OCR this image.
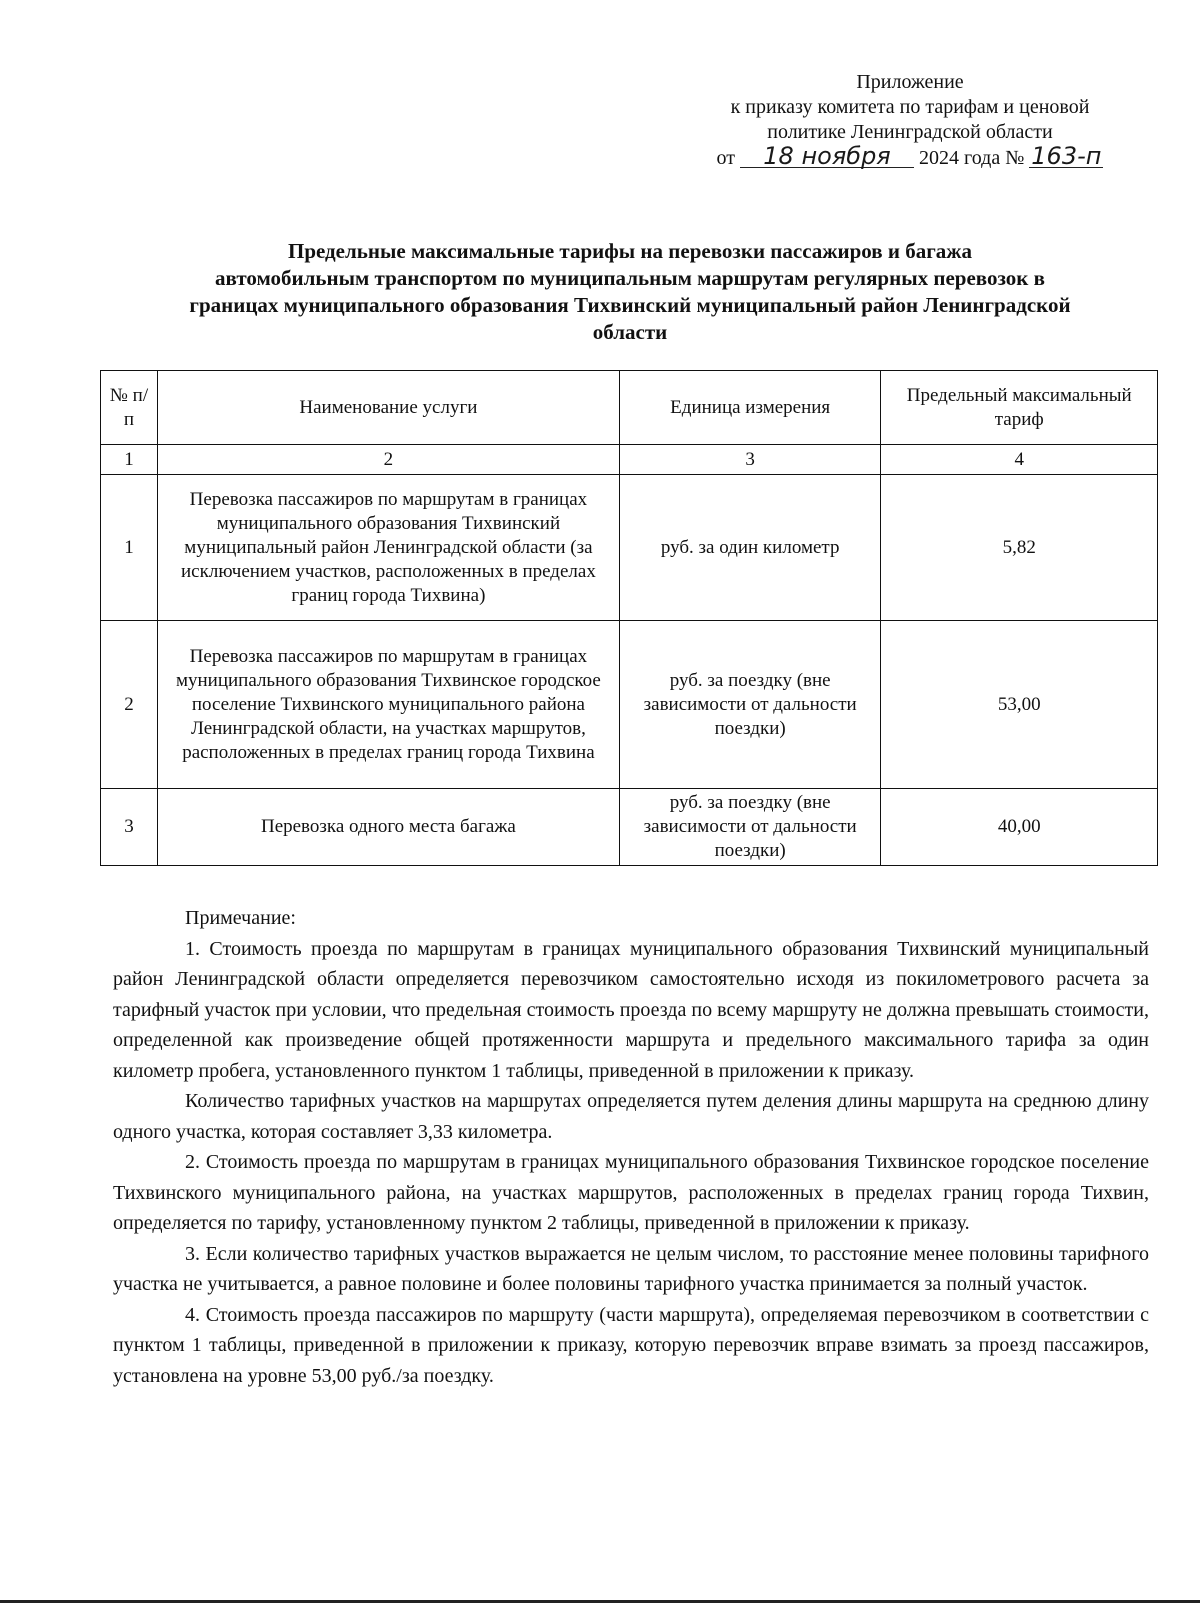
Приложение
к приказу комитета по тарифам и ценовой
политике Ленинградской области
от 18 ноября 2024 года № 163-п
Предельные максимальные тарифы на перевозки пассажиров и багажа
автомобильным транспортом по муниципальным маршрутам регулярных перевозок в
границах муниципального образования Тихвинский муниципальный район Ленинградской
области
№ п/п	Наименование услуги	Единица измерения	Предельный максимальный тариф
1	2	3	4
1	Перевозка пассажиров по маршрутам в границах муниципального образования Тихвинский муниципальный район Ленинградской области (за исключением участков, расположенных в пределах границ города Тихвина)	руб. за один километр	5,82
2	Перевозка пассажиров по маршрутам в границах муниципального образования Тихвинское городское поселение Тихвинского муниципального района Ленинградской области, на участках маршрутов, расположенных в пределах границ города Тихвина	руб. за поездку (вне зависимости от дальности поездки)	53,00
3	Перевозка одного места багажа	руб. за поездку (вне зависимости от дальности поездки)	40,00

Примечание:

1. Стоимость проезда по маршрутам в границах муниципального образования Тихвинский муниципальный район Ленинградской области определяется перевозчиком самостоятельно исходя из покилометрового расчета за тарифный участок при условии, что предельная стоимость проезда по всему маршруту не должна превышать стоимости, определенной как произведение общей протяженности маршрута и предельного максимального тарифа за один километр пробега, установленного пунктом 1 таблицы, приведенной в приложении к приказу.

Количество тарифных участков на маршрутах определяется путем деления длины маршрута на среднюю длину одного участка, которая составляет 3,33 километра.

2. Стоимость проезда по маршрутам в границах муниципального образования Тихвинское городское поселение Тихвинского муниципального района, на участках маршрутов, расположенных в пределах границ города Тихвин, определяется по тарифу, установленному пунктом 2 таблицы, приведенной в приложении к приказу.

3. Если количество тарифных участков выражается не целым числом, то расстояние менее половины тарифного участка не учитывается, а равное половине и более половины тарифного участка принимается за полный участок.

4. Стоимость проезда пассажиров по маршруту (части маршрута), определяемая перевозчиком в соответствии с пунктом 1 таблицы, приведенной в приложении к приказу, которую перевозчик вправе взимать за проезд пассажиров, установлена на уровне 53,00 руб./за поездку.
